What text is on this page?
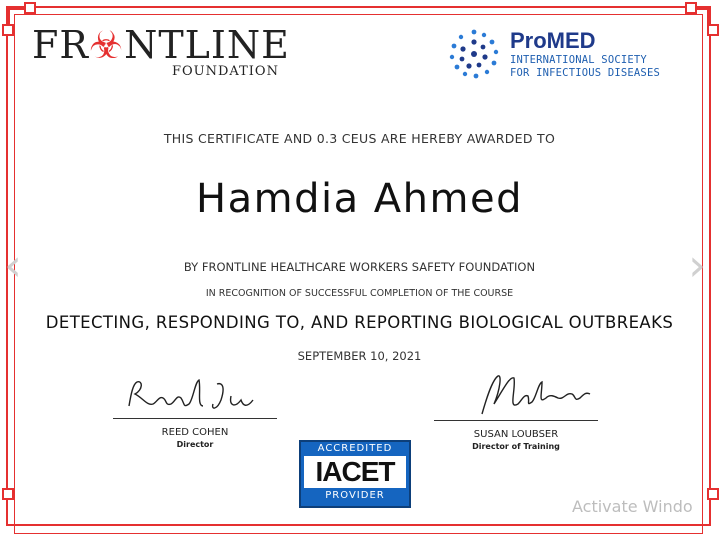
FR☣NTLINE
FOUNDATION
ProMED
INTERNATIONAL SOCIETY
FOR INFECTIOUS DISEASES
THIS CERTIFICATE AND 0.3 CEUS ARE HEREBY AWARDED TO
Hamdia Ahmed
BY FRONTLINE HEALTHCARE WORKERS SAFETY FOUNDATION
IN RECOGNITION OF SUCCESSFUL COMPLETION OF THE COURSE
DETECTING, RESPONDING TO, AND REPORTING BIOLOGICAL OUTBREAKS
SEPTEMBER 10, 2021
REED COHEN
Director
SUSAN LOUBSER
Director of Training
ACCREDITED
IACET
PROVIDER
‹	›
Activate Windo
